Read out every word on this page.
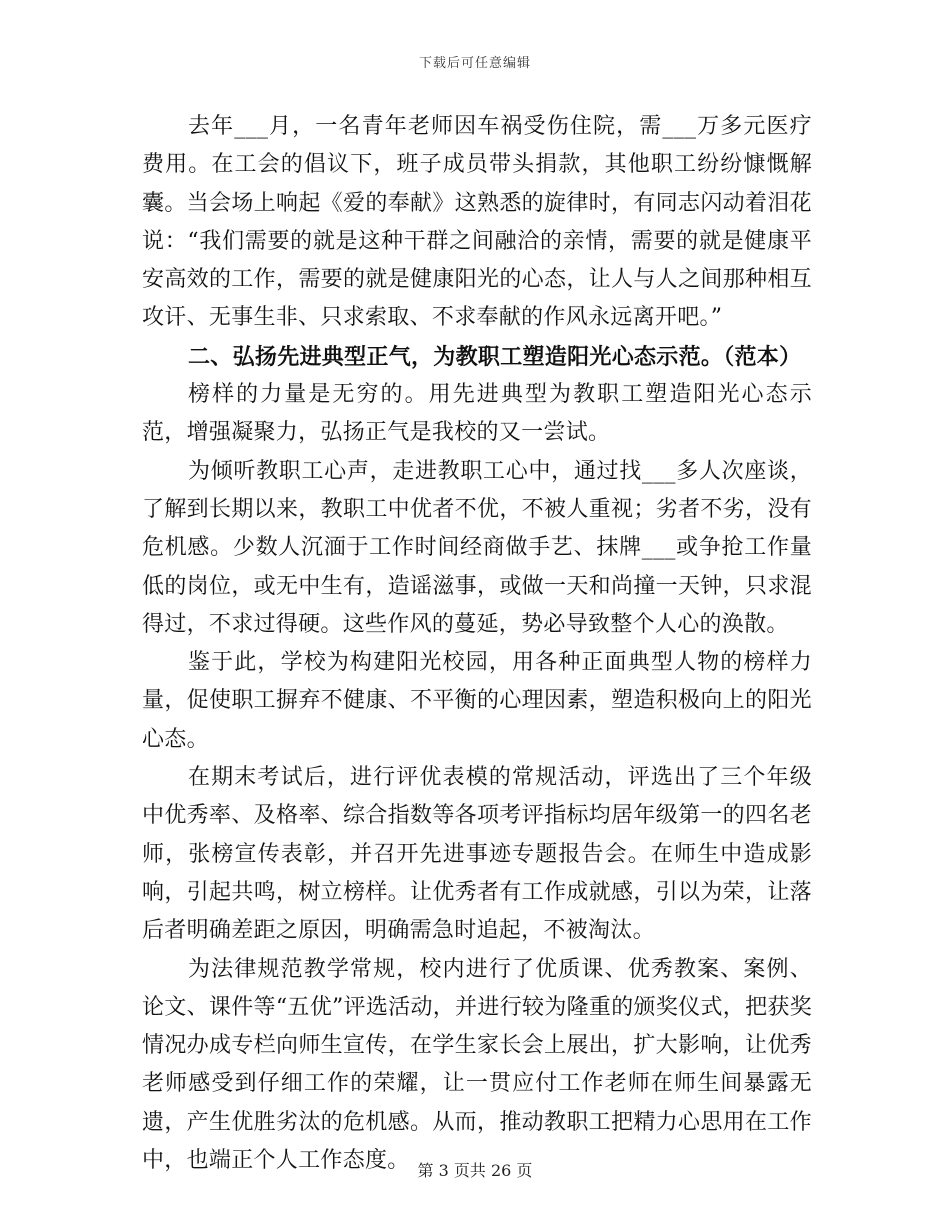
下载后可任意编辑

去年___月，一名青年老师因车祸受伤住院，需___万多元医疗费用。在工会的倡议下，班子成员带头捐款，其他职工纷纷慷慨解囊。当会场上响起《爱的奉献》这熟悉的旋律时，有同志闪动着泪花说：“我们需要的就是这种干群之间融洽的亲情，需要的就是健康平安高效的工作，需要的就是健康阳光的心态，让人与人之间那种相互攻讦、无事生非、只求索取、不求奉献的作风永远离开吧。”

二、弘扬先进典型正气，为教职工塑造阳光心态示范。（范本）

榜样的力量是无穷的。用先进典型为教职工塑造阳光心态示范，增强凝聚力，弘扬正气是我校的又一尝试。

为倾听教职工心声，走进教职工心中，通过找___多人次座谈，了解到长期以来，教职工中优者不优，不被人重视；劣者不劣，没有危机感。少数人沉湎于工作时间经商做手艺、抹牌___或争抢工作量低的岗位，或无中生有，造谣滋事，或做一天和尚撞一天钟，只求混得过，不求过得硬。这些作风的蔓延，势必导致整个人心的涣散。

鉴于此，学校为构建阳光校园，用各种正面典型人物的榜样力量，促使职工摒弃不健康、不平衡的心理因素，塑造积极向上的阳光心态。

在期末考试后，进行评优表模的常规活动，评选出了三个年级中优秀率、及格率、综合指数等各项考评指标均居年级第一的四名老师，张榜宣传表彰，并召开先进事迹专题报告会。在师生中造成影响，引起共鸣，树立榜样。让优秀者有工作成就感，引以为荣，让落后者明确差距之原因，明确需急时追起，不被淘汰。

为法律规范教学常规，校内进行了优质课、优秀教案、案例、论文、课件等“五优”评选活动，并进行较为隆重的颁奖仪式，把获奖情况办成专栏向师生宣传，在学生家长会上展出，扩大影响，让优秀老师感受到仔细工作的荣耀，让一贯应付工作老师在师生间暴露无遗，产生优胜劣汰的危机感。从而，推动教职工把精力心思用在工作中，也端正个人工作态度。 第 3 页共 26 页
